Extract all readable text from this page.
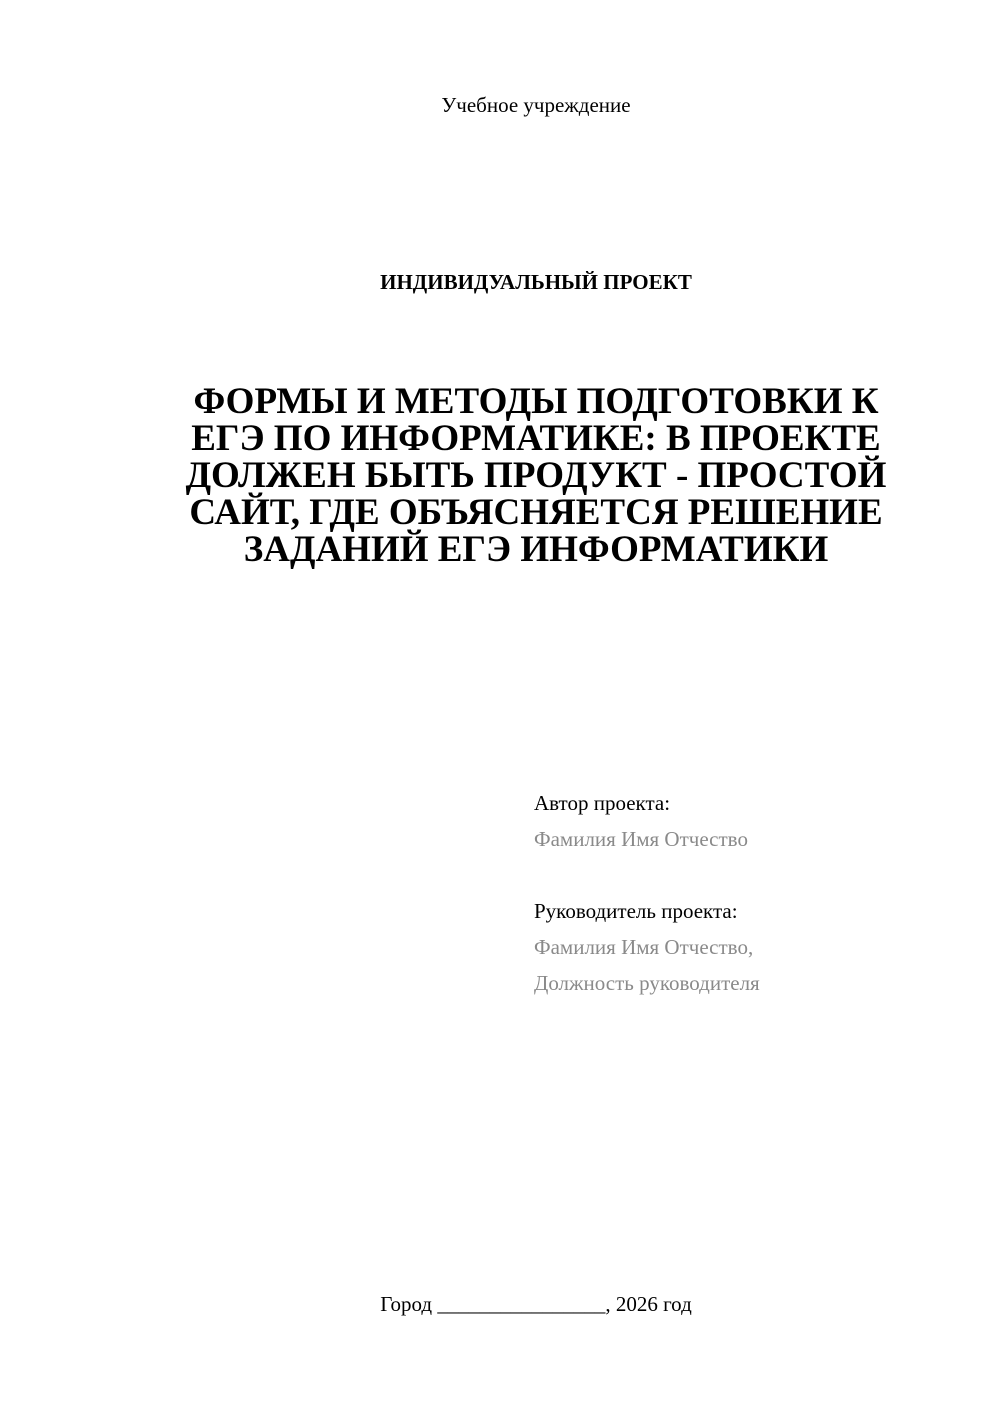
Учебное учреждение
ИНДИВИДУАЛЬНЫЙ ПРОЕКТ
ФОРМЫ И МЕТОДЫ ПОДГОТОВКИ К ЕГЭ ПО ИНФОРМАТИКЕ: В ПРОЕКТЕ ДОЛЖЕН БЫТЬ ПРОДУКТ - ПРОСТОЙ САЙТ, ГДЕ ОБЪЯСНЯЕТСЯ РЕШЕНИЕ ЗАДАНИЙ ЕГЭ ИНФОРМАТИКИ
Автор проекта:
Фамилия Имя Отчество
Руководитель проекта:
Фамилия Имя Отчество,
Должность руководителя
Город ________________, 2026 год
